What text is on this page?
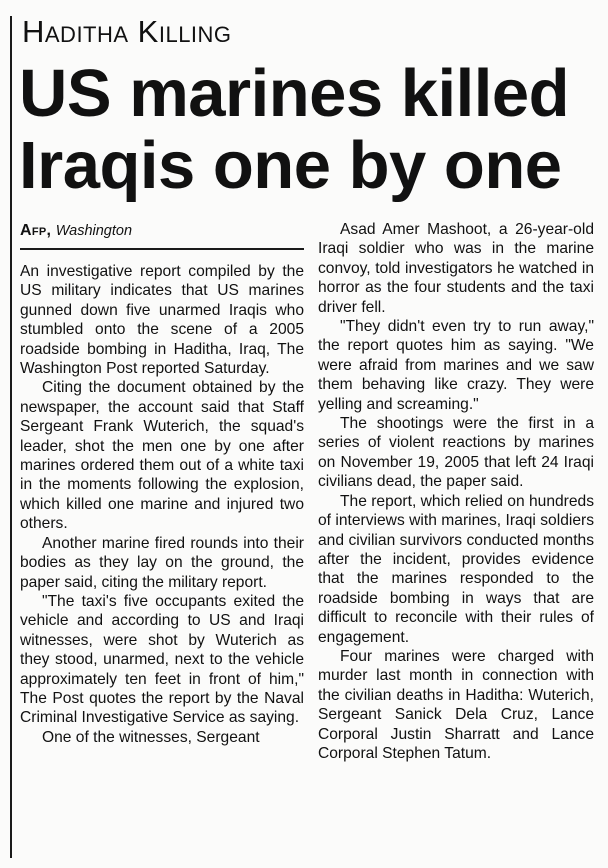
Haditha Killing
US marines killed
Iraqis one by one
Afp, Washington

An investigative report compiled by the US military indicates that US marines gunned down five unarmed Iraqis who stumbled onto the scene of a 2005 roadside bombing in Haditha, Iraq, The Washington Post reported Saturday.

Citing the document obtained by the newspaper, the account said that Staff Sergeant Frank Wuterich, the squad's leader, shot the men one by one after marines ordered them out of a white taxi in the moments following the explosion, which killed one marine and injured two others.

Another marine fired rounds into their bodies as they lay on the ground, the paper said, citing the military report.

"The taxi's five occupants exited the vehicle and according to US and Iraqi witnesses, were shot by Wuterich as they stood, unarmed, next to the vehicle approximately ten feet in front of him," The Post quotes the report by the Naval Criminal Investigative Service as saying.

One of the witnesses, Sergeant

Asad Amer Mashoot, a 26-year-old Iraqi soldier who was in the marine convoy, told investigators he watched in horror as the four students and the taxi driver fell.

"They didn't even try to run away," the report quotes him as saying. "We were afraid from marines and we saw them behaving like crazy. They were yelling and screaming."

The shootings were the first in a series of violent reactions by marines on November 19, 2005 that left 24 Iraqi civilians dead, the paper said.

The report, which relied on hundreds of interviews with marines, Iraqi soldiers and civilian survivors conducted months after the incident, provides evidence that the marines responded to the roadside bombing in ways that are difficult to reconcile with their rules of engagement.

Four marines were charged with murder last month in connection with the civilian deaths in Haditha: Wuterich, Sergeant Sanick Dela Cruz, Lance Corporal Justin Sharratt and Lance Corporal Stephen Tatum.
